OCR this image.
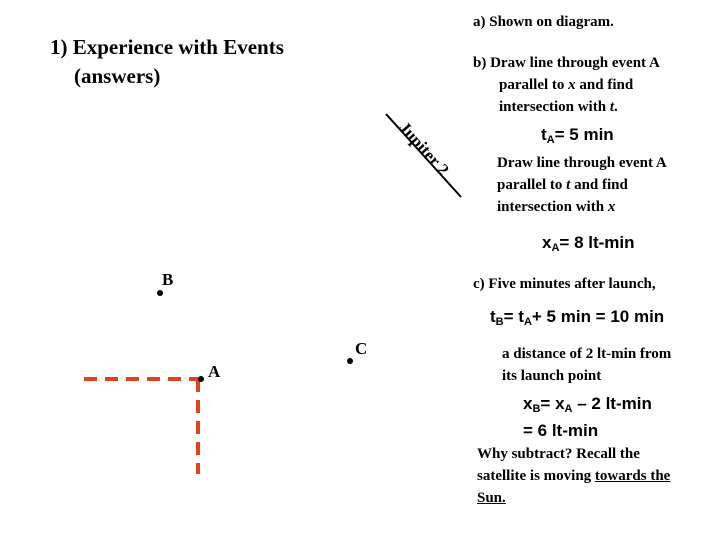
1) Experience with Events
(answers)
a) Shown on diagram.
b) Draw line through event A
parallel to x and find
intersection with t.
$t_A= 5$ min
Draw line through event A
parallel to t and find
intersection with x
$x_A= 8$ lt-min
c) Five minutes after launch,
$t_B= t_A+ 5$ min = 10 min
a distance of 2 lt-min from
its launch point
$x_B= x_A - 2$ lt-min
= 6 lt-min
Why subtract? Recall the
satellite is moving towards the
Sun.
Jupiter 2
B
A
C
